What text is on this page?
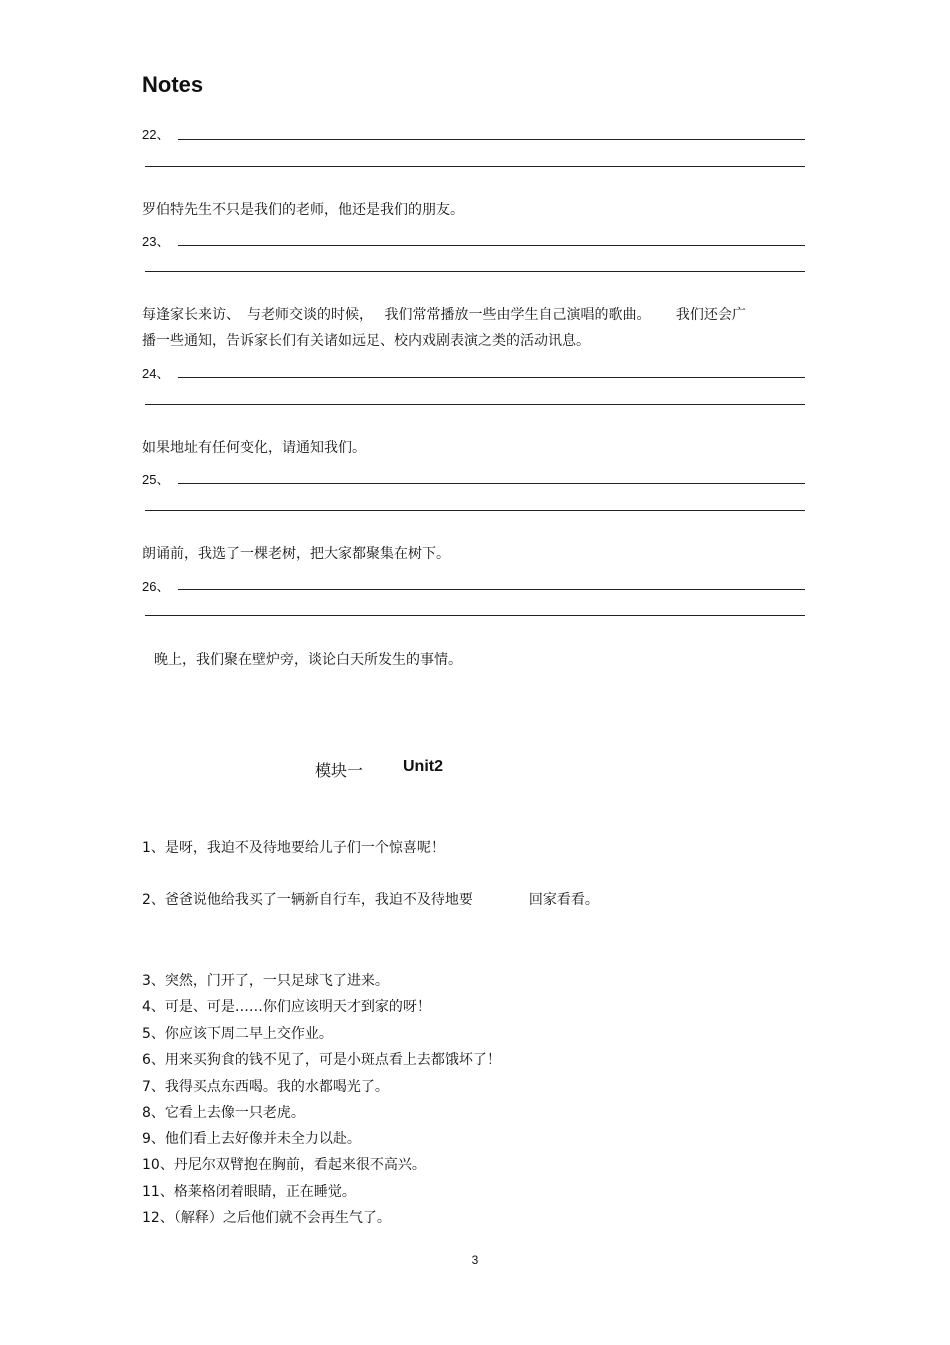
Notes
22、
罗伯特先生不只是我们的老师，他还是我们的朋友。
23、
每逢家长来访、　与老师交谈的时候，　 我们常常播放一些由学生自己演唱的歌曲。　　 我们还会广
播一些通知，告诉家长们有关诸如远足、校内戏剧表演之类的活动讯息。
24、
如果地址有任何变化，请通知我们。
25、
朗诵前，我选了一棵老树，把大家都聚集在树下。
26、
晚上，我们聚在壁炉旁，谈论白天所发生的事情。
模块一 Unit2
1、是呀，我迫不及待地要给儿子们一个惊喜呢！
2、爸爸说他给我买了一辆新自行车，我迫不及待地要　　　　回家看看。
3、突然，门开了，一只足球飞了进来。
4、可是、可是……你们应该明天才到家的呀！
5、你应该下周二早上交作业。
6、用来买狗食的钱不见了，可是小斑点看上去都饿坏了！
7、我得买点东西喝。我的水都喝光了。
8、它看上去像一只老虎。
9、他们看上去好像并未全力以赴。
10、丹尼尔双臂抱在胸前，看起来很不高兴。
11、格莱格闭着眼睛，正在睡觉。
12、（解释）之后他们就不会再生气了。
3
